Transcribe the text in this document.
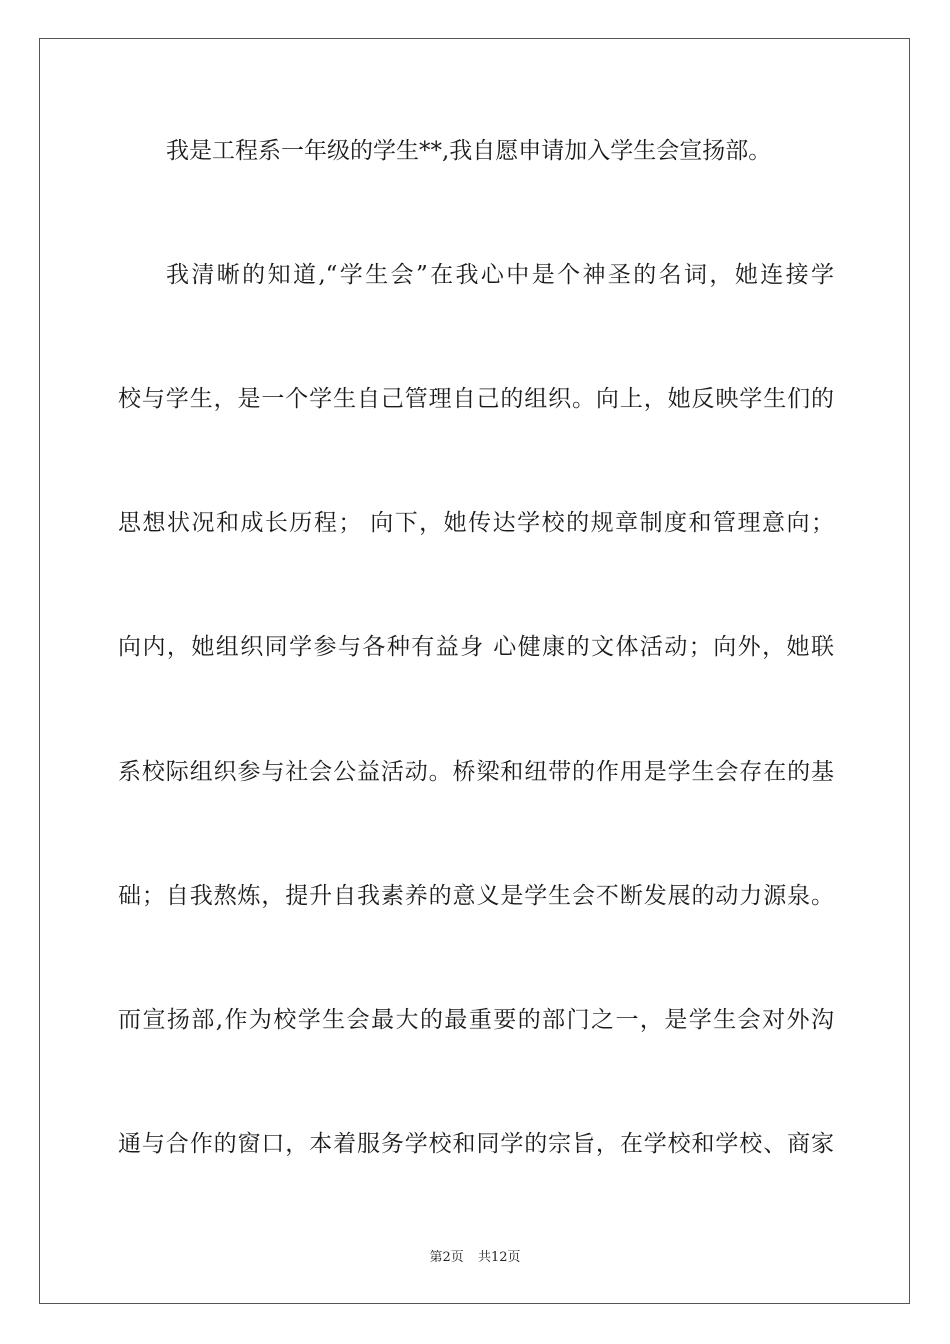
我是工程系一年级的学生**,我自愿申请加入学生会宣扬部。
我清晰的知道,“学生会”在我心中是个神圣的名词，她连接学
校与学生，是一个学生自己管理自己的组织。向上，她反映学生们的
思想状况和成长历程； 向下，她传达学校的规章制度和管理意向；
向内，她组织同学参与各种有益身 心健康的文体活动；向外，她联
系校际组织参与社会公益活动。桥梁和纽带的作用是学生会存在的基
础；自我熬炼，提升自我素养的意义是学生会不断发展的动力源泉。
而宣扬部,作为校学生会最大的最重要的部门之一，是学生会对外沟
通与合作的窗口，本着服务学校和同学的宗旨，在学校和学校、商家
第2页 共12页
